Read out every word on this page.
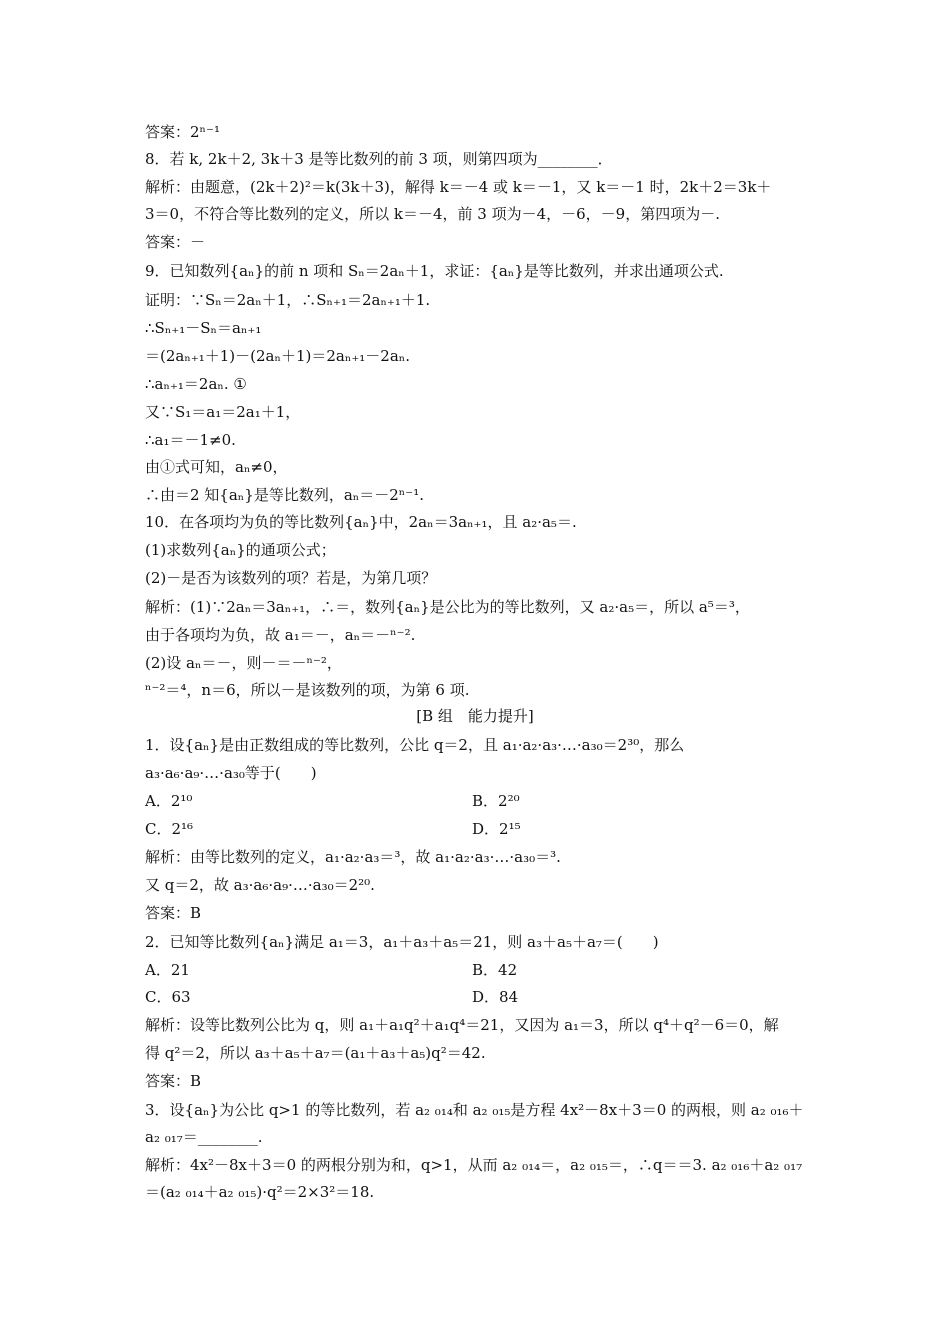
答案：2ⁿ⁻¹
8．若 k, 2k＋2, 3k＋3 是等比数列的前 3 项，则第四项为________．
解析：由题意，(2k＋2)²＝k(3k＋3)，解得 k＝－4 或 k＝－1，又 k＝－1 时，2k＋2＝3k＋
3＝0，不符合等比数列的定义，所以 k＝－4，前 3 项为－4，－6，－9，第四项为－.
答案：－
9．已知数列{aₙ}的前 n 项和 Sₙ＝2aₙ＋1，求证：{aₙ}是等比数列，并求出通项公式.
证明：∵Sₙ＝2aₙ＋1，∴Sₙ₊₁＝2aₙ₊₁＋1.
∴Sₙ₊₁－Sₙ＝aₙ₊₁
＝(2aₙ₊₁＋1)－(2aₙ＋1)＝2aₙ₊₁－2aₙ.
∴aₙ₊₁＝2aₙ. ①
又∵S₁＝a₁＝2a₁＋1，
∴a₁＝－1≠0.
由①式可知，aₙ≠0，
∴由＝2 知{aₙ}是等比数列，aₙ＝－2ⁿ⁻¹.
10．在各项均为负的等比数列{aₙ}中，2aₙ＝3aₙ₊₁，且 a₂·a₅＝.
(1)求数列{aₙ}的通项公式；
(2)－是否为该数列的项？若是，为第几项？
解析：(1)∵2aₙ＝3aₙ₊₁，∴＝，数列{aₙ}是公比为的等比数列，又 a₂·a₅＝，所以 a⁵＝³，
由于各项均为负，故 a₁＝－，aₙ＝－ⁿ⁻².
(2)设 aₙ＝－，则－＝－ⁿ⁻²，
ⁿ⁻²＝⁴，n＝6，所以－是该数列的项，为第 6 项.
[B 组　能力提升]
1．设{aₙ}是由正数组成的等比数列，公比 q＝2，且 a₁·a₂·a₃·…·a₃₀＝2³⁰，那么
a₃·a₆·a₉·…·a₃₀等于(　　)
A．2¹⁰	B．2²⁰
C．2¹⁶	D．2¹⁵
解析：由等比数列的定义，a₁·a₂·a₃＝³，故 a₁·a₂·a₃·…·a₃₀＝³.
又 q＝2，故 a₃·a₆·a₉·…·a₃₀＝2²⁰.
答案：B
2．已知等比数列{aₙ}满足 a₁＝3，a₁＋a₃＋a₅＝21，则 a₃＋a₅＋a₇＝(　　)
A．21	B．42
C．63	D．84
解析：设等比数列公比为 q，则 a₁＋a₁q²＋a₁q⁴＝21，又因为 a₁＝3，所以 q⁴＋q²－6＝0，解
得 q²＝2，所以 a₃＋a₅＋a₇＝(a₁＋a₃＋a₅)q²＝42.
答案：B
3．设{aₙ}为公比 q>1 的等比数列，若 a₂ ₀₁₄和 a₂ ₀₁₅是方程 4x²－8x＋3＝0 的两根，则 a₂ ₀₁₆＋
a₂ ₀₁₇＝________.
解析：4x²－8x＋3＝0 的两根分别为和，q>1，从而 a₂ ₀₁₄＝，a₂ ₀₁₅＝，∴q＝＝3. a₂ ₀₁₆＋a₂ ₀₁₇
＝(a₂ ₀₁₄＋a₂ ₀₁₅)·q²＝2×3²＝18.
